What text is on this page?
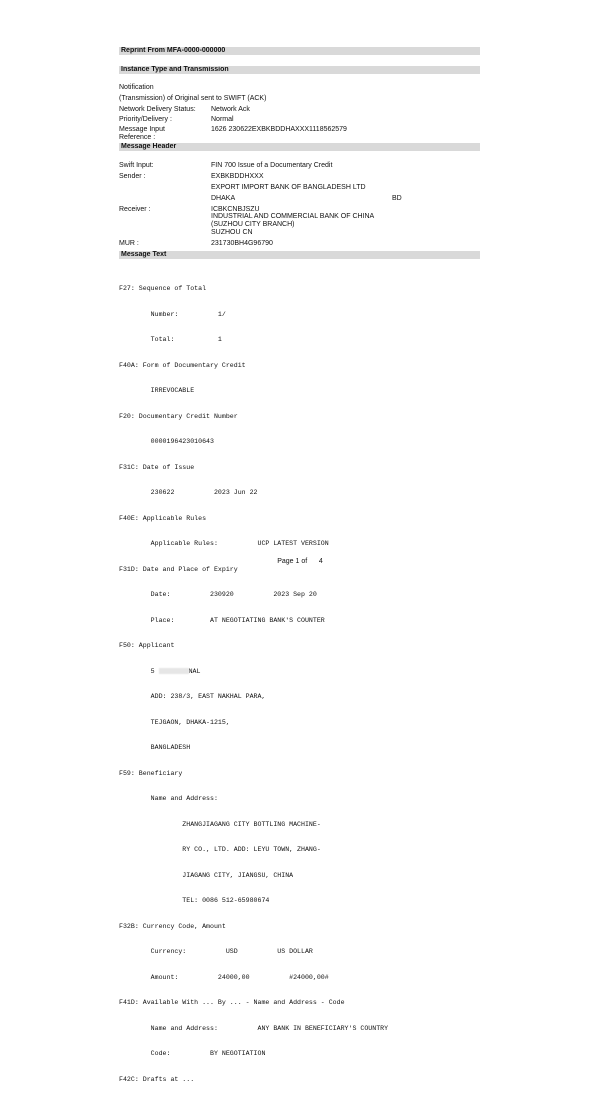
Reprint From MFA-0000-000000
Instance Type and Transmission
Notification
(Transmission) of Original sent to SWIFT (ACK)
Network Delivery Status: Network Ack
Priority/Delivery :	Normal
Message Input
Reference :
1626 230622EXBKBDDHAXXX1118562579
Message Header
Swift Input:	FIN 700 Issue of a Documentary Credit
Sender :	EXBKBDDHXXX
EXPORT IMPORT BANK OF BANGLADESH LTD
DHAKA	BD
Receiver :	ICBKCNBJSZU
INDUSTRIAL AND COMMERCIAL BANK OF CHINA
(SUZHOU CITY BRANCH)
SUZHOU CN
MUR :	231730BH4G96790
Message Text

F27: Sequence of Total

Number:          1/

Total:           1

F40A: Form of Documentary Credit

IRREVOCABLE

F20: Documentary Credit Number

0000196423010643

F31C: Date of Issue

230622          2023 Jun 22

F40E: Applicable Rules

Applicable Rules:          UCP LATEST VERSION

F31D: Date and Place of Expiry

Date:          230920          2023 Sep 20

Place:         AT NEGOTIATING BANK'S COUNTER

F50: Applicant

5	NAL

ADD: 238/3, EAST NAKHAL PARA,

TEJGAON, DHAKA-1215,

BANGLADESH

F59: Beneficiary

Name and Address:

ZHANGJIAGANG CITY BOTTLING MACHINE-

RY CO., LTD. ADD: LEYU TOWN, ZHANG-

JIAGANG CITY, JIANGSU, CHINA

TEL: 0086 512-65980674

F32B: Currency Code, Amount

Currency:          USD          US DOLLAR

Amount:          24000,00          #24000,00#

F41D: Available With ... By ... - Name and Address - Code

Name and Address:          ANY BANK IN BENEFICIARY'S COUNTRY

Code:          BY NEGOTIATION

F42C: Drafts at ...

Page 1 of 4
